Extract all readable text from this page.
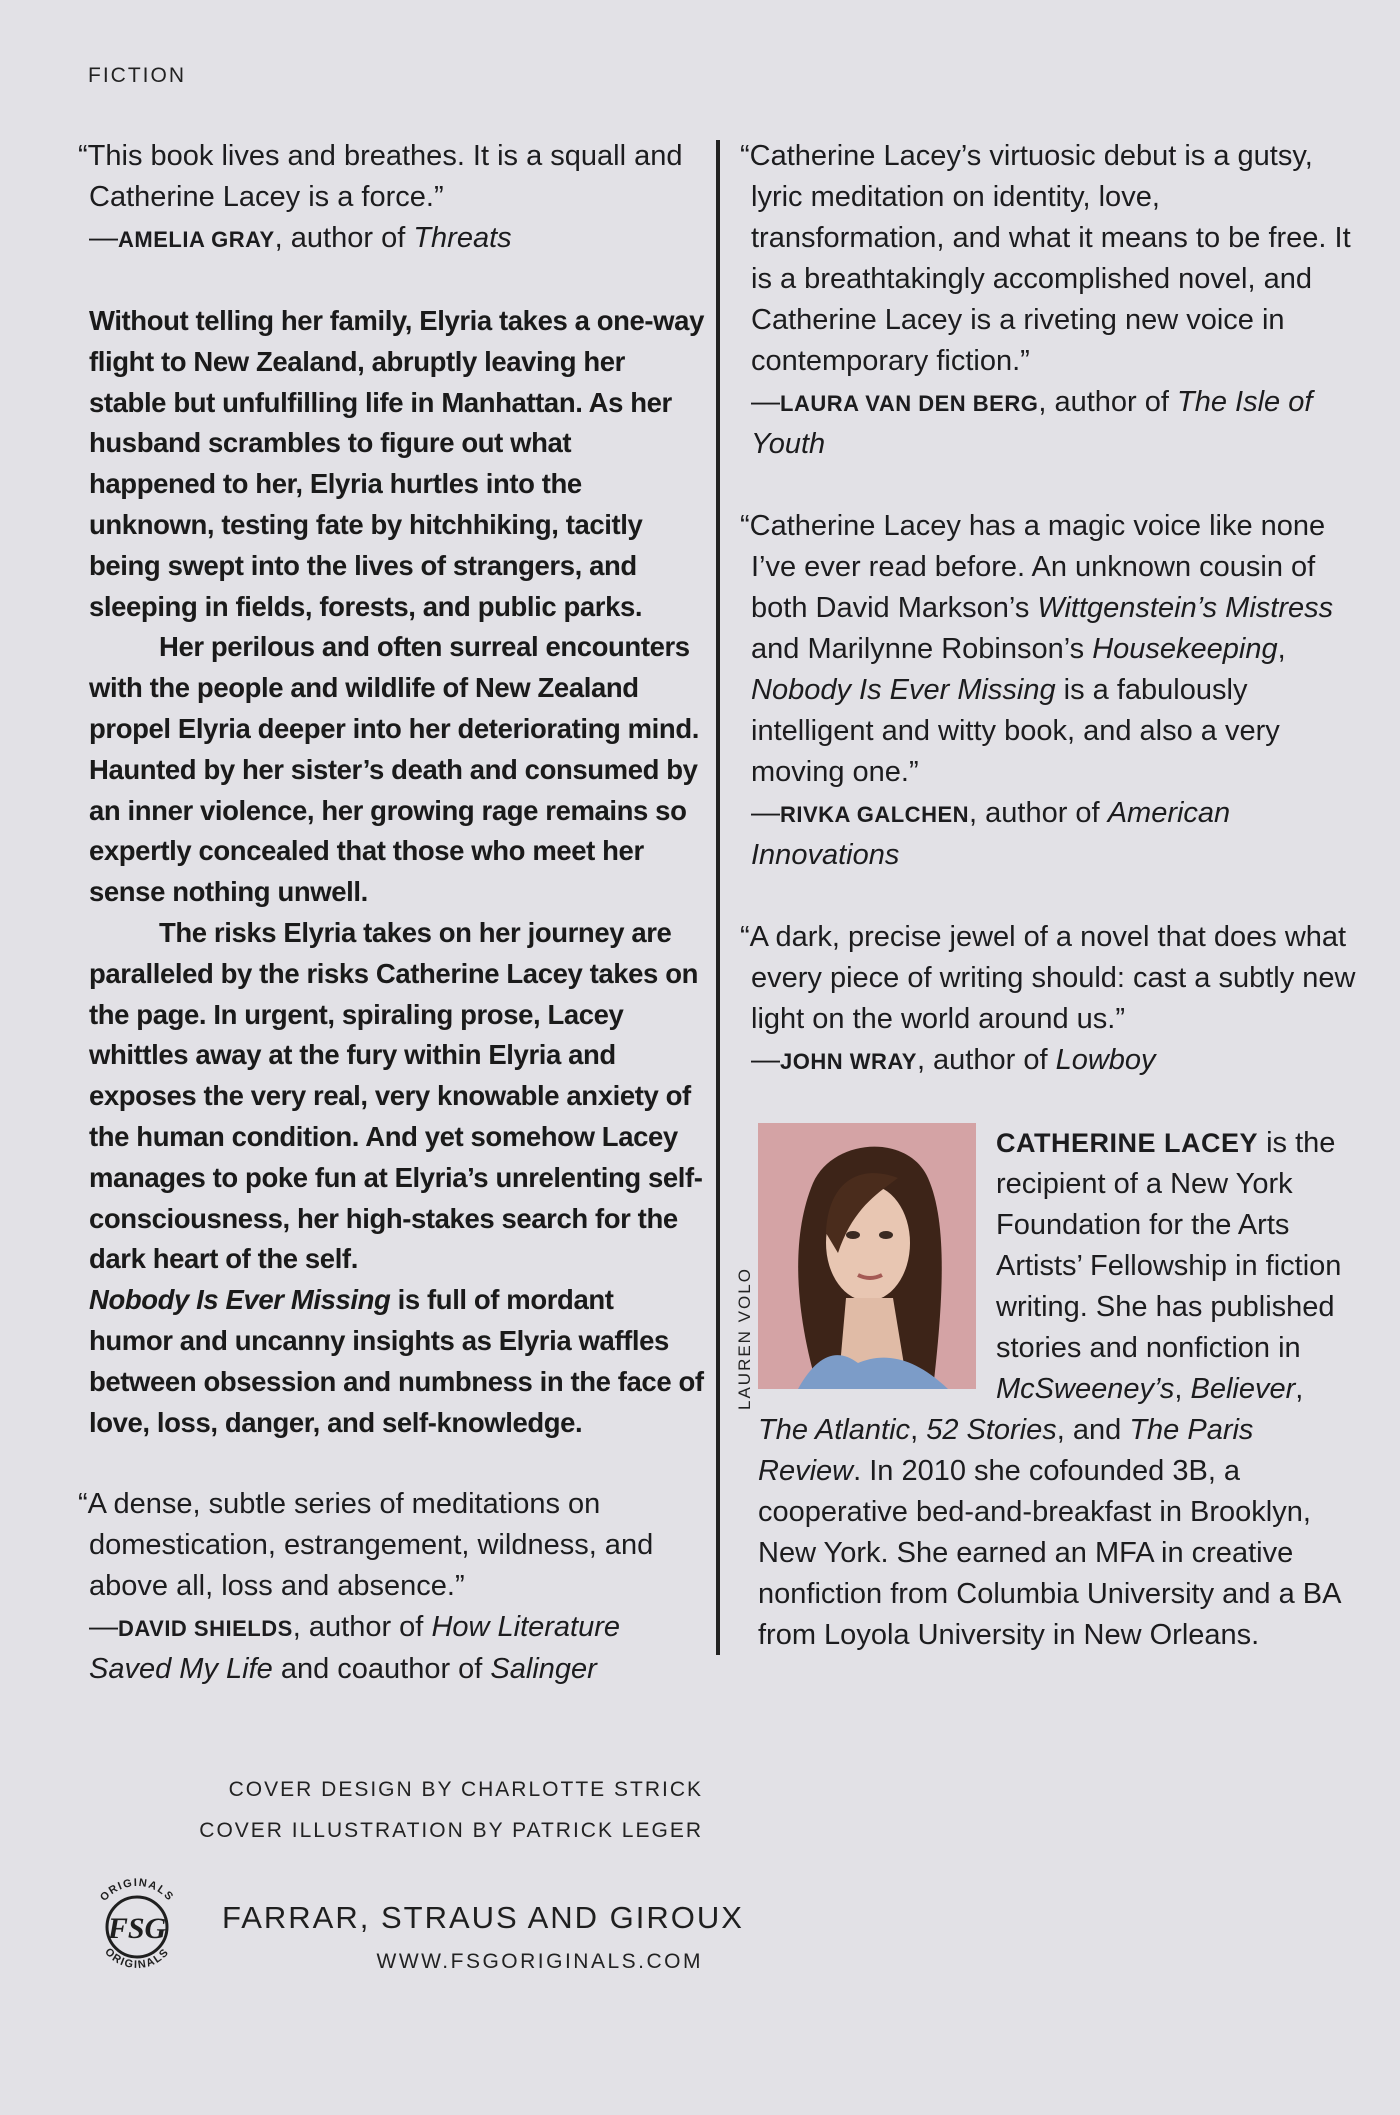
FICTION
“This book lives and breathes. It is a squall and Catherine Lacey is a force.”
—AMELIA GRAY, author of Threats

Without telling her family, Elyria takes a one-way flight to New Zealand, abruptly leaving her stable but unfulfilling life in Manhattan. As her husband scrambles to figure out what happened to her, Elyria hurtles into the unknown, testing fate by hitchhiking, tacitly being swept into the lives of strangers, and sleeping in fields, forests, and public parks.

Her perilous and often surreal encounters with the people and wildlife of New Zealand propel Elyria deeper into her deteriorating mind. Haunted by her sister’s death and consumed by an inner violence, her growing rage remains so expertly concealed that those who meet her sense nothing unwell.

The risks Elyria takes on her journey are paralleled by the risks Catherine Lacey takes on the page. In urgent, spiraling prose, Lacey whittles away at the fury within Elyria and exposes the very real, very knowable anxiety of the human condition. And yet somehow Lacey manages to poke fun at Elyria’s unrelenting self-consciousness, her high-stakes search for the dark heart of the self.

Nobody Is Ever Missing is full of mordant humor and uncanny insights as Elyria waffles between obsession and numbness in the face of love, loss, danger, and self-knowledge.

“A dense, subtle series of meditations on domestication, estrangement, wildness, and above all, loss and absence.”
—DAVID SHIELDS, author of How Literature Saved My Life and coauthor of Salinger
“Catherine Lacey’s virtuosic debut is a gutsy, lyric meditation on identity, love, transformation, and what it means to be free. It is a breathtakingly accomplished novel, and Catherine Lacey is a riveting new voice in contemporary fiction.”
—LAURA VAN DEN BERG, author of The Isle of Youth
“Catherine Lacey has a magic voice like none I’ve ever read before. An unknown cousin of both David Markson’s Wittgenstein’s Mistress and Marilynne Robinson’s Housekeeping, Nobody Is Ever Missing is a fabulously intelligent and witty book, and also a very moving one.”
—RIVKA GALCHEN, author of American Innovations
“A dark, precise jewel of a novel that does what every piece of writing should: cast a subtly new light on the world around us.”
—JOHN WRAY, author of Lowboy
CATHERINE LACEY is the recipient of a New York Foundation for the Arts Artists’ Fellowship in fiction writing. She has published stories and nonfiction in McSweeney’s, Believer, The Atlantic, 52 Stories, and The Paris Review. In 2010 she cofounded 3B, a cooperative bed-and-breakfast in Brooklyn, New York. She earned an MFA in creative nonfiction from Columbia University and a BA from Loyola University in New Orleans.
LAUREN VOLO
COVER DESIGN BY CHARLOTTE STRICK
COVER ILLUSTRATION BY PATRICK LEGER
ORIGINALS
ORIGINALS
FSG FARRAR, STRAUS AND GIROUX
WWW.FSGORIGINALS.COM
